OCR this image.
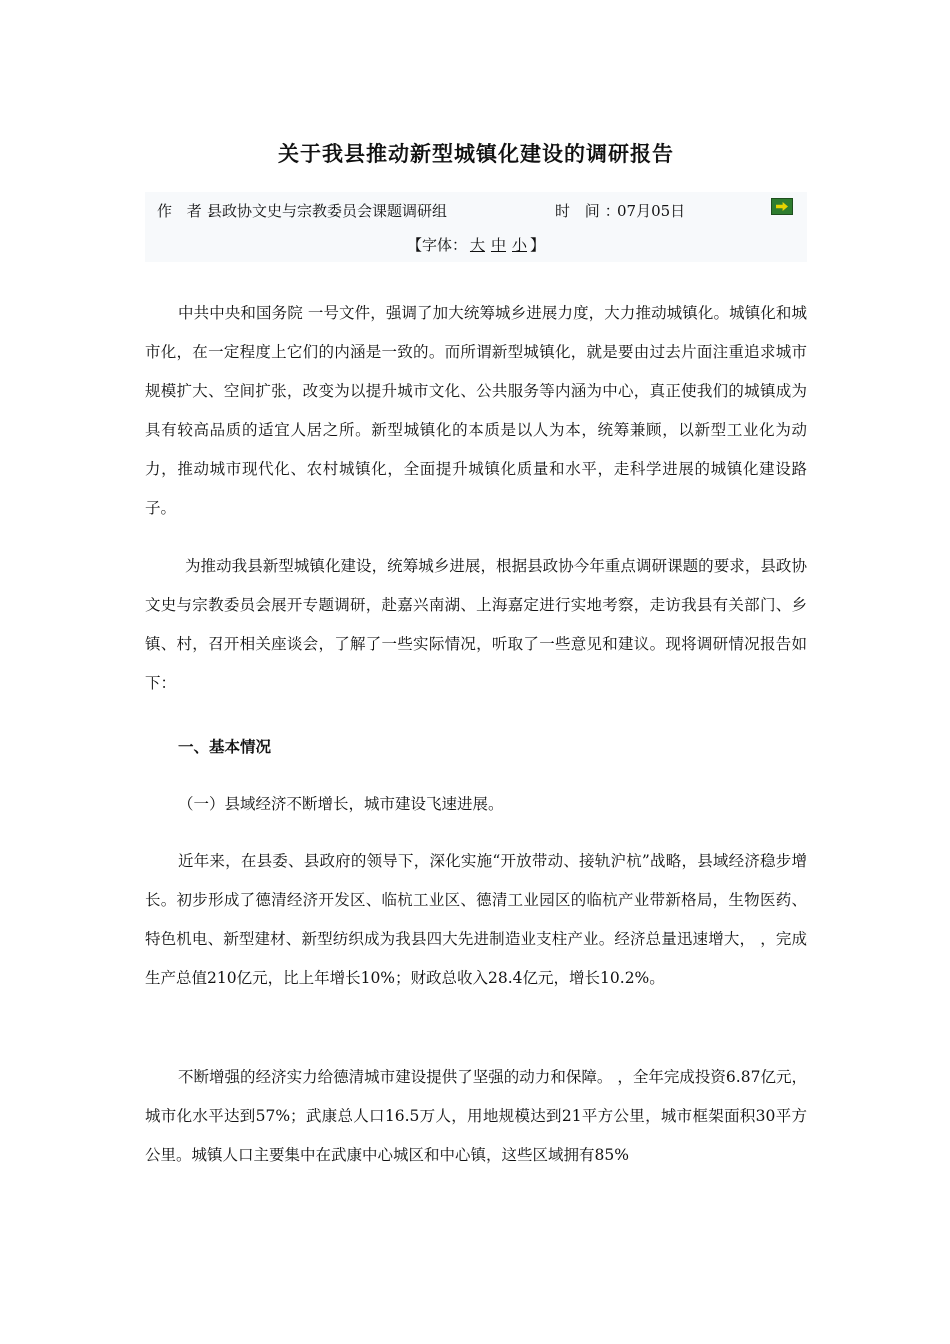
关于我县推动新型城镇化建设的调研报告
作 者：县政协文史与宗教委员会课题调研组	时 间：07月05日
【字体： 大 中 小 】

中共中央和国务院 一号文件，强调了加大统筹城乡进展力度，大力推动城镇化。城镇化和城市化，在一定程度上它们的内涵是一致的。而所谓新型城镇化，就是要由过去片面注重追求城市规模扩大、空间扩张，改变为以提升城市文化、公共服务等内涵为中心，真正使我们的城镇成为具有较高品质的适宜人居之所。新型城镇化的本质是以人为本，统筹兼顾，以新型工业化为动力，推动城市现代化、农村城镇化，全面提升城镇化质量和水平，走科学进展的城镇化建设路子。

为推动我县新型城镇化建设，统筹城乡进展，根据县政协今年重点调研课题的要求，县政协文史与宗教委员会展开专题调研，赴嘉兴南湖、上海嘉定进行实地考察，走访我县有关部门、乡镇、村，召开相关座谈会，了解了一些实际情况，听取了一些意见和建议。现将调研情况报告如下：

一、基本情况

（一）县域经济不断增长，城市建设飞速进展。

近年来，在县委、县政府的领导下，深化实施“开放带动、接轨沪杭”战略，县域经济稳步增长。初步形成了德清经济开发区、临杭工业区、德清工业园区的临杭产业带新格局，生物医药、特色机电、新型建材、新型纺织成为我县四大先进制造业支柱产业。经济总量迅速增大， ，完成生产总值210亿元，比上年增长10%；财政总收入28.4亿元，增长10.2%。

不断增强的经济实力给德清城市建设提供了坚强的动力和保障。 ，全年完成投资6.87亿元，城市化水平达到57%；武康总人口16.5万人，用地规模达到21平方公里，城市框架面积30平方公里。城镇人口主要集中在武康中心城区和中心镇，这些区域拥有85%
